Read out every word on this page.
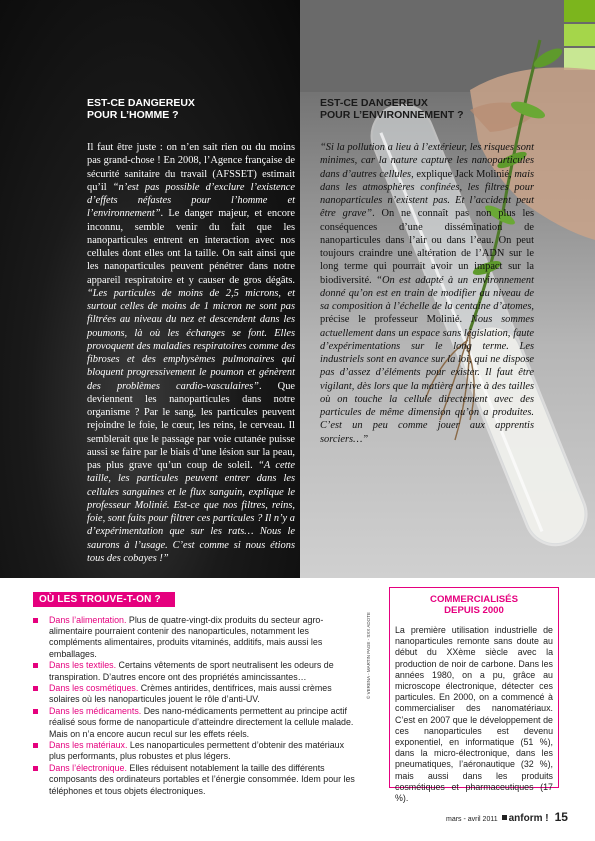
EST-CE DANGEREUX
POUR L’HOMME ?

Il faut être juste : on n’en sait rien ou du moins pas grand-chose ! En 2008, l’Agence française de sécurité sanitaire du travail (AFSSET) estimait qu’il “n’est pas possible d’exclure l’existence d’effets néfastes pour l’homme et l’environnement”. Le danger majeur, et encore inconnu, semble venir du fait que les nanoparticules entrent en interaction avec nos cellules dont elles ont la taille. On sait ainsi que les nanoparticules peuvent pénétrer dans notre appareil respiratoire et y causer de gros dégâts. “Les particules de moins de 2,5 microns, et surtout celles de moins de 1 micron ne sont pas filtrées au niveau du nez et descendent dans les poumons, là où les échanges se font. Elles provoquent des maladies respiratoires comme des fibroses et des emphysèmes pulmonaires qui bloquent progressivement le poumon et génèrent des problèmes cardio-vasculaires”. Que deviennent les nanoparticules dans notre organisme ? Par le sang, les particules peuvent rejoindre le foie, le cœur, les reins, le cerveau. Il semblerait que le passage par voie cutanée puisse aussi se faire par le biais d’une lésion sur la peau, pas plus grave qu’un coup de soleil. “A cette taille, les particules peuvent entrer dans les cellules sanguines et le flux sanguin, explique le professeur Molinié. Est-ce que nos filtres, reins, foie, sont faits pour filtrer ces particules ? Il n’y a d’expérimentation que sur les rats… Nous le saurons à l’usage. C’est comme si nous étions tous des cobayes !”

EST-CE DANGEREUX
POUR L’ENVIRONNEMENT ?

“Si la pollution a lieu à l’extérieur, les risques sont minimes, car la nature capture les nanoparticules dans d’autres cellules, explique Jack Molinié, mais dans les atmosphères confinées, les filtres pour nanoparticules n’existent pas. Et l’accident peut être grave”. On ne connaît pas non plus les conséquences d’une dissémination de nanoparticules dans l’air ou dans l’eau. On peut toujours craindre une altération de l’ADN sur le long terme qui pourrait avoir un impact sur la biodiversité. “On est adapté à un environnement donné qu’on est en train de modifier au niveau de sa composition à l’échelle de la centaine d’atomes, précise le professeur Molinié. Nous sommes actuellement dans un espace sans législation, faute d’expérimentations sur le long terme. Les industriels sont en avance sur la loi, qui ne dispose pas d’assez d’éléments pour exister. Il faut être vigilant, dès lors que la matière arrive à des tailles où on touche la cellule directement avec des particules de même dimension qu’on a produites. C’est un peu comme jouer aux apprentis sorciers…”

OÙ LES TROUVE-T-ON ?
Dans l’alimentation. Plus de quatre-vingt-dix produits du secteur agro-alimentaire pourraient contenir des nanoparticules, notamment les compléments alimentaires, produits vitaminés, additifs, mais aussi les emballages.
Dans les textiles. Certains vêtements de sport neutralisent les odeurs de transpiration. D’autres encore ont des propriétés amincissantes…
Dans les cosmétiques. Crèmes antirides, dentifrices, mais aussi crèmes solaires où les nanoparticules jouent le rôle d’anti-UV.
Dans les médicaments. Des nano-médicaments permettent au principe actif réalisé sous forme de nanoparticule d’atteindre directement la cellule malade. Mais on n’a encore aucun recul sur les effets réels.
Dans les matériaux. Les nanoparticules permettent d’obtenir des matériaux plus performants, plus robustes et plus légers.
Dans l’électronique. Elles réduisent notablement la taille des différents composants des ordinateurs portables et l’énergie consommée. Idem pour les téléphones et tous objets électroniques.
© VERENA - MARTIN PAGE - SXX ADOTE
COMMERCIALISÉS
DEPUIS 2000

La première utilisation industrielle de nanoparticules remonte sans doute au début du XXème siècle avec la production de noir de carbone. Dans les années 1980, on a pu, grâce au microscope électronique, détecter ces particules. En 2000, on a commencé à commercialiser des nanomatériaux. C’est en 2007 que le développement de ces nanoparticules est devenu exponentiel, en informatique (51 %), dans la micro-électronique, dans les pneumatiques, l’aéronautique (32 %), mais aussi dans les produits cosmétiques et pharmaceutiques (17 %).

mars - avril 2011 anform ! 15
